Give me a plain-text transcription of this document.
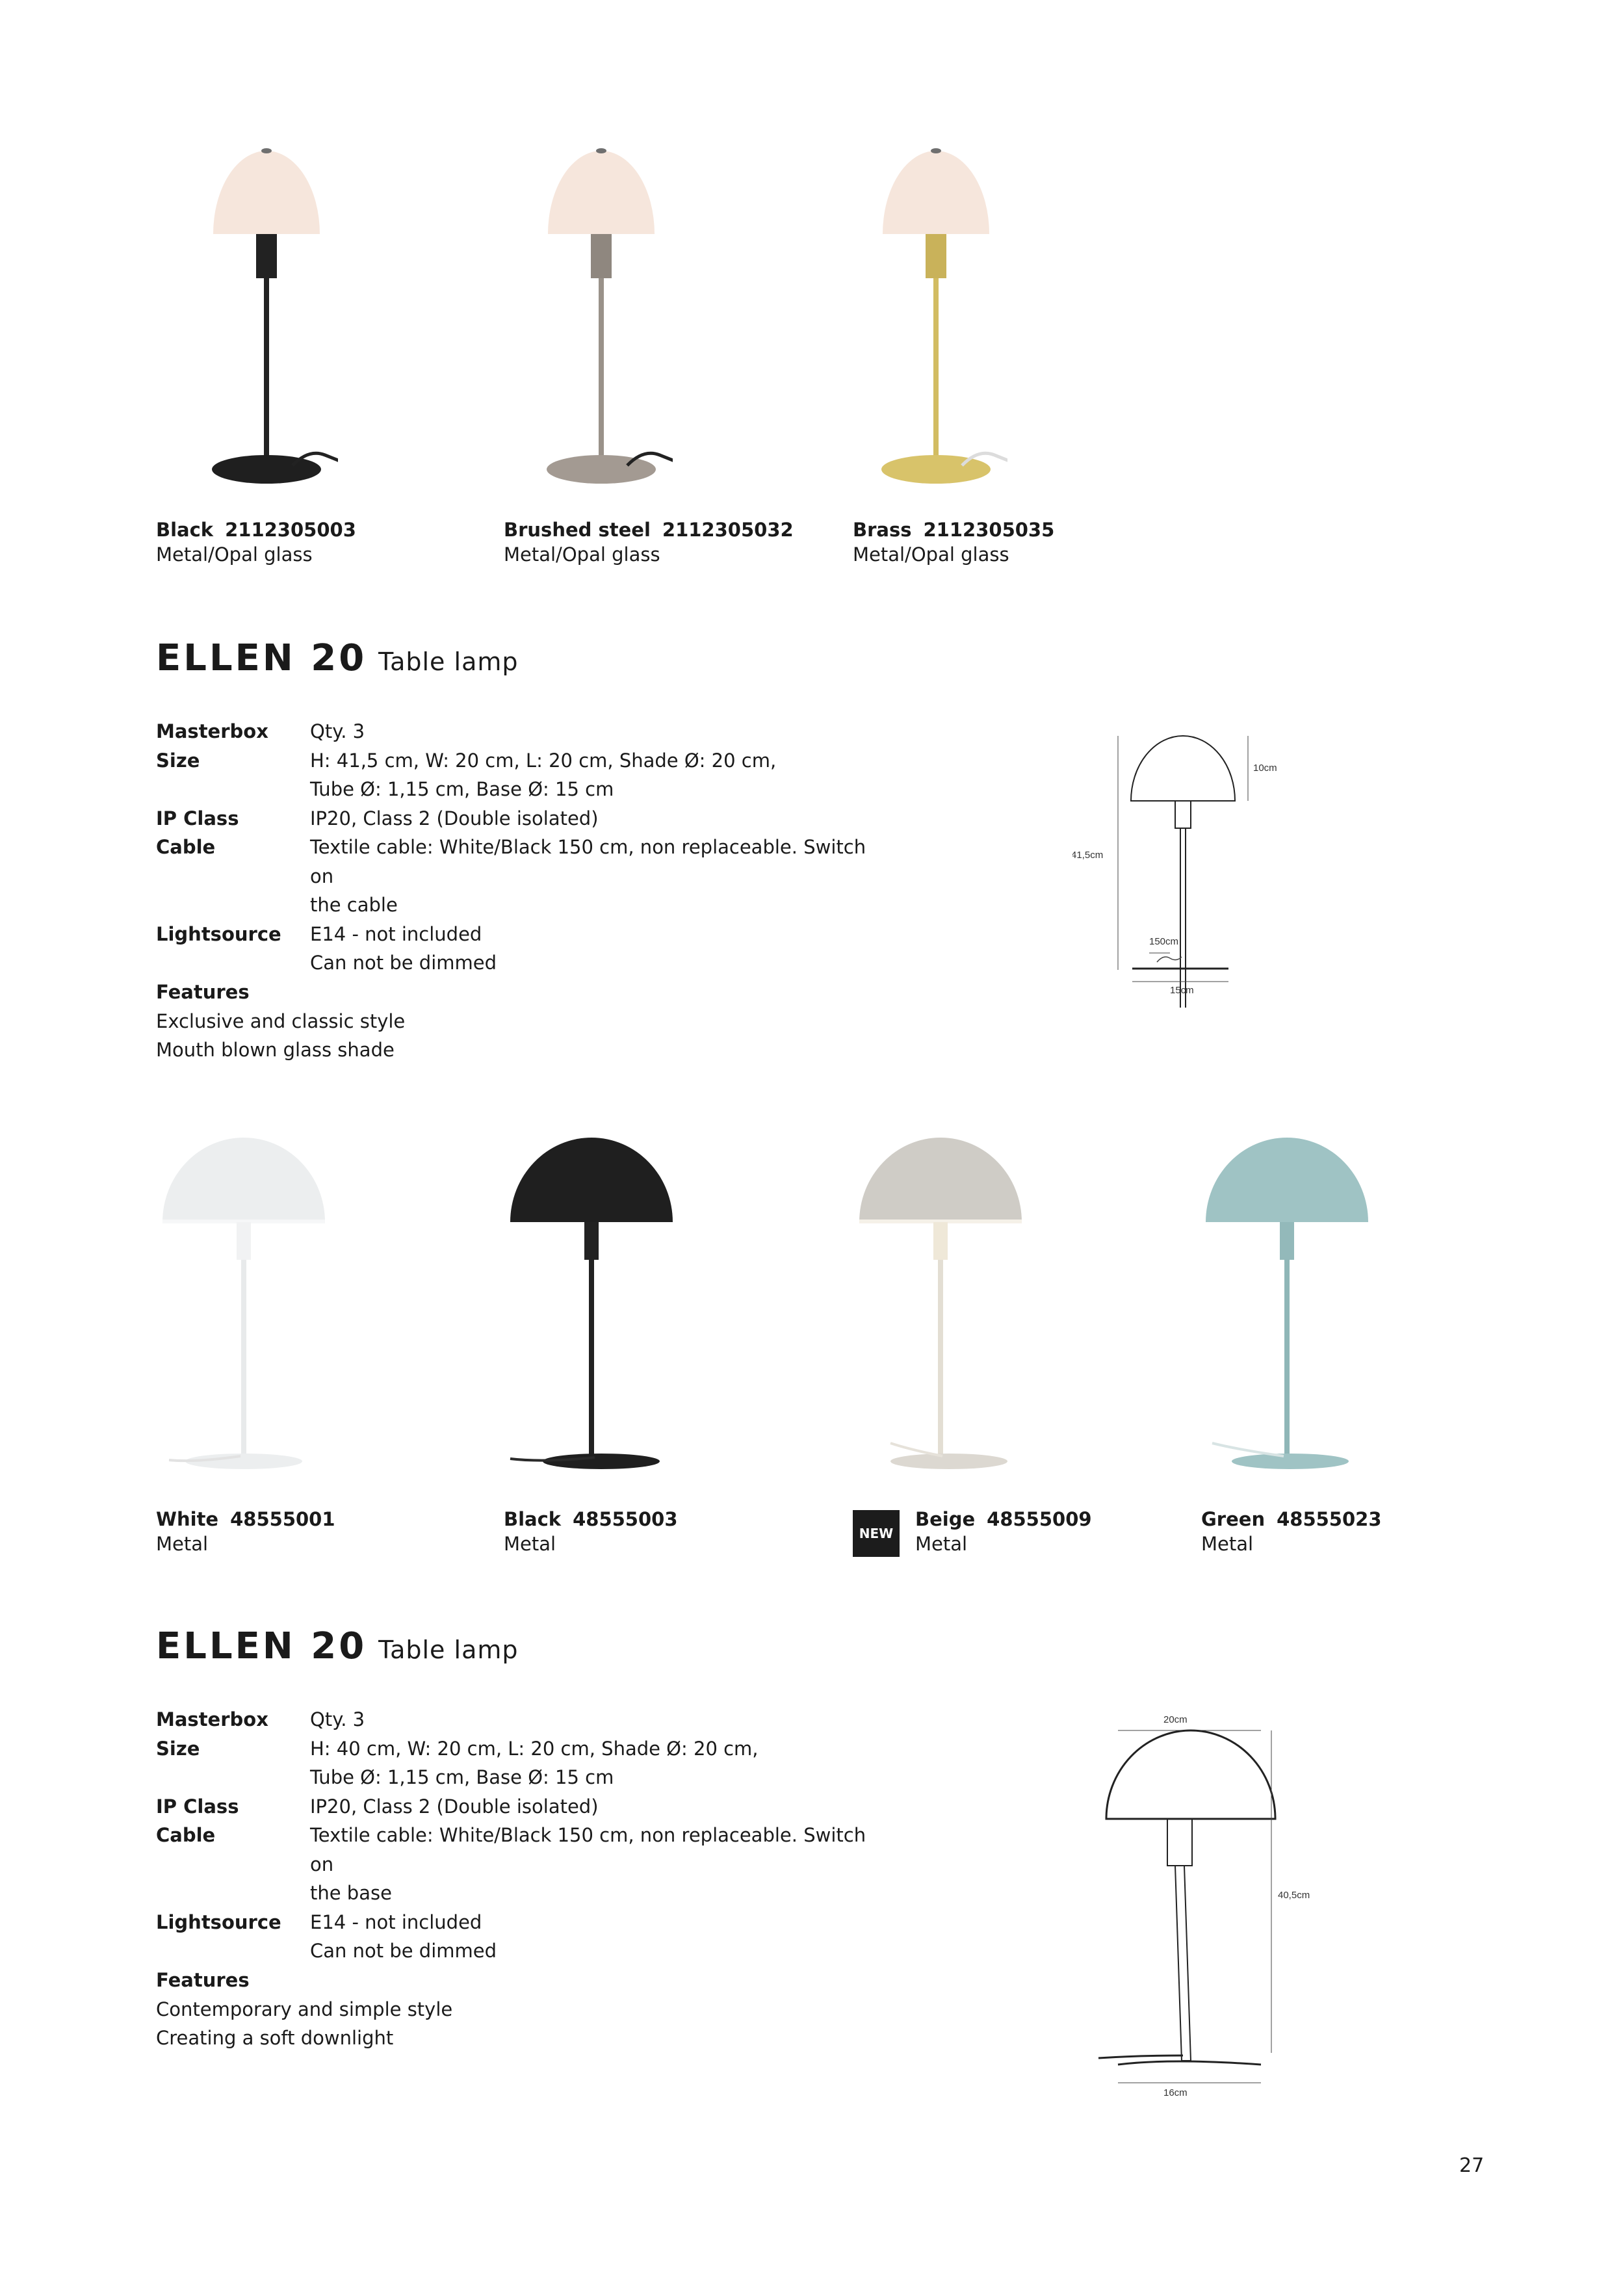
Black 2112305003
Metal/Opal glass
Brushed steel 2112305032
Metal/Opal glass
Brass 2112305035
Metal/Opal glass
ELLEN 20 Table lamp
Masterbox	Qty. 3

Size	H: 41,5 cm, W: 20 cm, L: 20 cm, Shade Ø: 20 cm,
Tube Ø: 1,15 cm, Base Ø: 15 cm

IP Class	IP20, Class 2 (Double isolated)

Cable	Textile cable: White/Black 150 cm, non replaceable. Switch on
the cable

Lightsource	E14 - not included
Can not be dimmed
Features
Exclusive and classic style
Mouth blown glass shade
10cm
41,5cm
150cm
15cm
White 48555001
Metal
Black 48555003
Metal	NEW
Beige 48555009
Metal
Green 48555023
Metal
ELLEN 20 Table lamp
Masterbox	Qty. 3

Size	H: 40 cm, W: 20 cm, L: 20 cm, Shade Ø: 20 cm,
Tube Ø: 1,15 cm, Base Ø: 15 cm

IP Class	IP20, Class 2 (Double isolated)

Cable	Textile cable: White/Black 150 cm, non replaceable. Switch on
the base

Lightsource	E14 - not included
Can not be dimmed
Features
Contemporary and simple style
Creating a soft downlight
20cm
40,5cm
16cm
27
